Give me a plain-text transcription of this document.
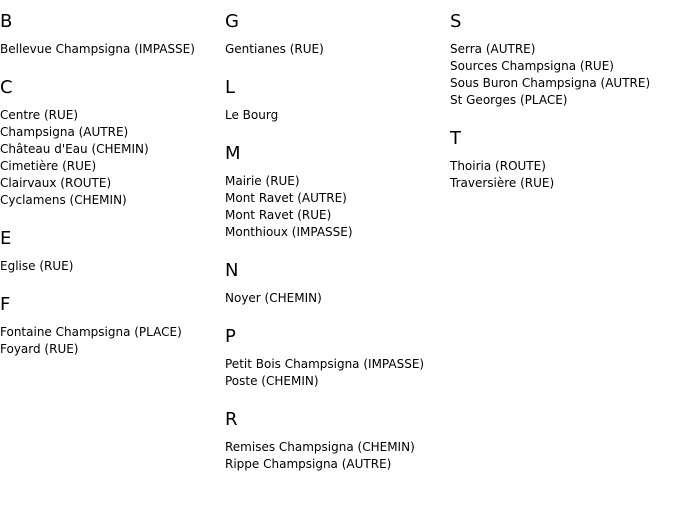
B
Bellevue Champsigna (IMPASSE)
C
Centre (RUE)
Champsigna (AUTRE)
Château d'Eau (CHEMIN)
Cimetière (RUE)
Clairvaux (ROUTE)
Cyclamens (CHEMIN)
E
Eglise (RUE)
F
Fontaine Champsigna (PLACE)
Foyard (RUE)
G
Gentianes (RUE)
L
Le Bourg
M
Mairie (RUE)
Mont Ravet (AUTRE)
Mont Ravet (RUE)
Monthioux (IMPASSE)
N
Noyer (CHEMIN)
P
Petit Bois Champsigna (IMPASSE)
Poste (CHEMIN)
R
Remises Champsigna (CHEMIN)
Rippe Champsigna (AUTRE)
S
Serra (AUTRE)
Sources Champsigna (RUE)
Sous Buron Champsigna (AUTRE)
St Georges (PLACE)
T
Thoiria (ROUTE)
Traversière (RUE)
